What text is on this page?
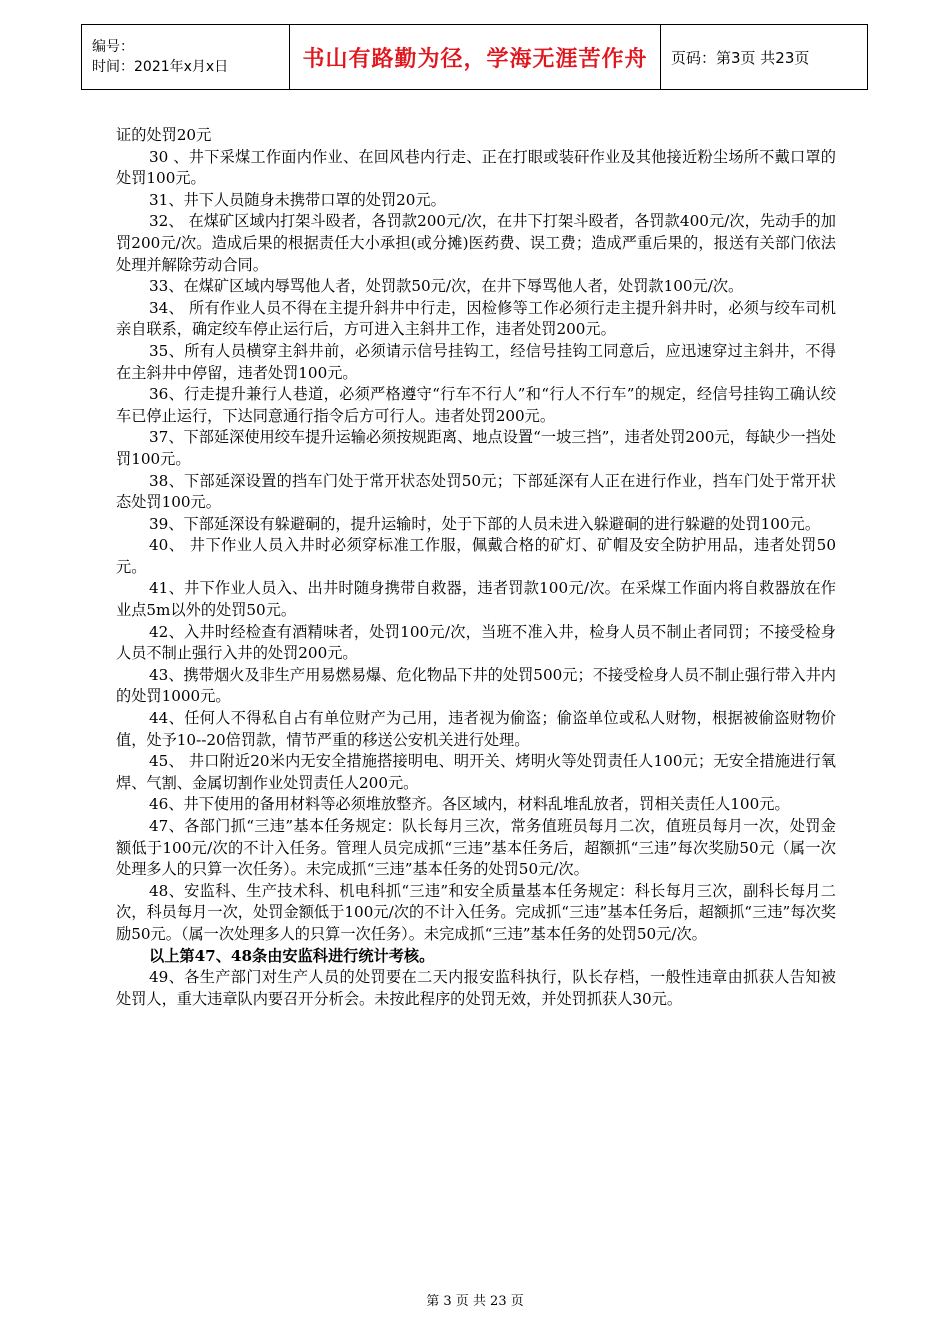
编号：
时间：2021年x月x日	书山有路勤为径，学海无涯苦作舟	页码：第3页 共23页

证的处罚20元

30 、井下采煤工作面内作业、在回风巷内行走、正在打眼或装矸作业及其他接近粉尘场所不戴口罩的处罚100元。

31、井下人员随身未携带口罩的处罚20元。

32、 在煤矿区域内打架斗殴者，各罚款200元/次，在井下打架斗殴者，各罚款400元/次，先动手的加罚200元/次。造成后果的根据责任大小承担(或分摊)医药费、误工费；造成严重后果的，报送有关部门依法处理并解除劳动合同。

33、在煤矿区域内辱骂他人者，处罚款50元/次，在井下辱骂他人者，处罚款100元/次。

34、 所有作业人员不得在主提升斜井中行走，因检修等工作必须行走主提升斜井时，必须与绞车司机亲自联系，确定绞车停止运行后，方可进入主斜井工作，违者处罚200元。

35、所有人员横穿主斜井前，必须请示信号挂钩工，经信号挂钩工同意后，应迅速穿过主斜井，不得在主斜井中停留，违者处罚100元。

36、行走提升兼行人巷道，必须严格遵守“行车不行人”和“行人不行车”的规定，经信号挂钩工确认绞车已停止运行，下达同意通行指令后方可行人。违者处罚200元。

37、下部延深使用绞车提升运输必须按规距离、地点设置“一坡三挡”，违者处罚200元，每缺少一挡处罚100元。

38、下部延深设置的挡车门处于常开状态处罚50元；下部延深有人正在进行作业，挡车门处于常开状态处罚100元。

39、下部延深设有躲避硐的，提升运输时，处于下部的人员未进入躲避硐的进行躲避的处罚100元。

40、 井下作业人员入井时必须穿标准工作服，佩戴合格的矿灯、矿帽及安全防护用品，违者处罚50元。

41、井下作业人员入、出井时随身携带自救器，违者罚款100元/次。在采煤工作面内将自救器放在作业点5m以外的处罚50元。

42、入井时经检查有酒精味者，处罚100元/次，当班不准入井，检身人员不制止者同罚；不接受检身人员不制止强行入井的处罚200元。

43、携带烟火及非生产用易燃易爆、危化物品下井的处罚500元；不接受检身人员不制止强行带入井内的处罚1000元。

44、任何人不得私自占有单位财产为己用，违者视为偷盗；偷盗单位或私人财物，根据被偷盗财物价值，处予10--20倍罚款，情节严重的移送公安机关进行处理。

45、 井口附近20米内无安全措施搭接明电、明开关、烤明火等处罚责任人100元；无安全措施进行氧焊、气割、金属切割作业处罚责任人200元。

46、井下使用的备用材料等必须堆放整齐。各区域内，材料乱堆乱放者，罚相关责任人100元。

47、各部门抓“三违”基本任务规定：队长每月三次，常务值班员每月二次，值班员每月一次，处罚金额低于100元/次的不计入任务。管理人员完成抓“三违”基本任务后，超额抓“三违”每次奖励50元（属一次处理多人的只算一次任务）。未完成抓“三违”基本任务的处罚50元/次。

48、安监科、生产技术科、机电科抓“三违”和安全质量基本任务规定：科长每月三次，副科长每月二次，科员每月一次，处罚金额低于100元/次的不计入任务。完成抓“三违”基本任务后，超额抓“三违”每次奖励50元。（属一次处理多人的只算一次任务）。未完成抓“三违”基本任务的处罚50元/次。

以上第47、48条由安监科进行统计考核。

49、各生产部门对生产人员的处罚要在二天内报安监科执行，队长存档，一般性违章由抓获人告知被处罚人，重大违章队内要召开分析会。未按此程序的处罚无效，并处罚抓获人30元。

第 3 页 共 23 页
